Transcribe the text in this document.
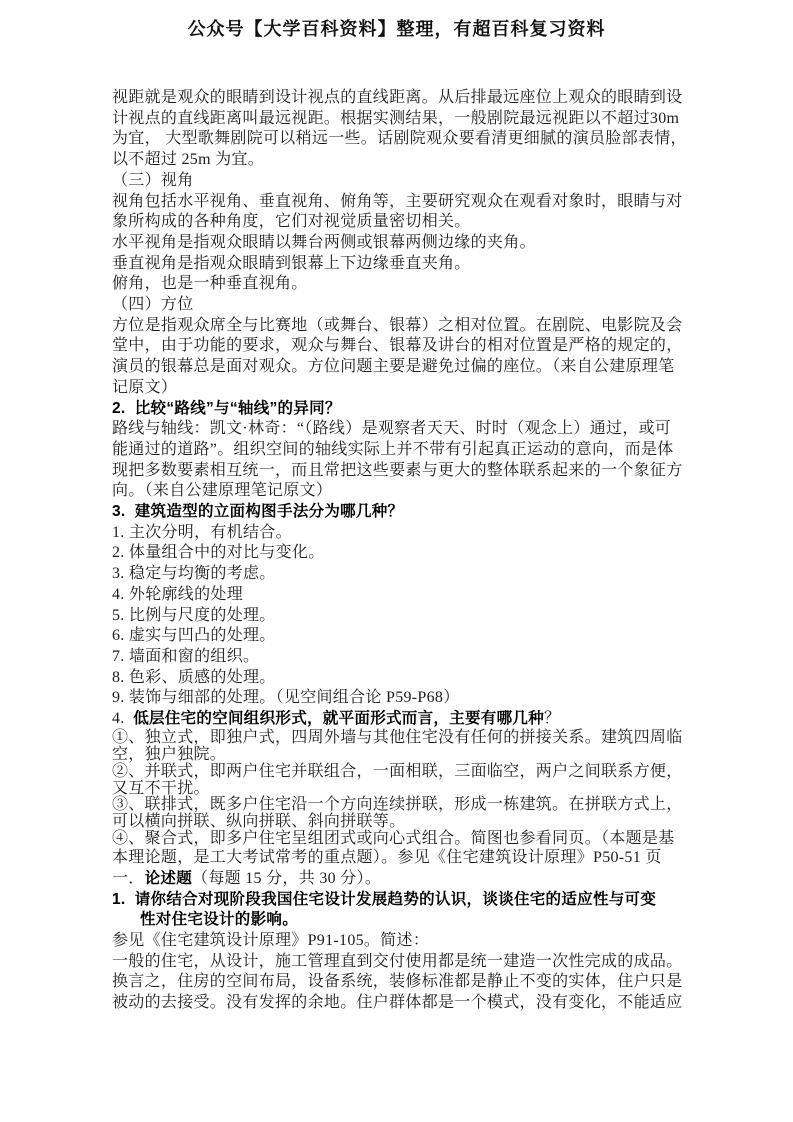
公众号【大学百科资料】整理，有超百科复习资料
视距就是观众的眼睛到设计视点的直线距离。从后排最远座位上观众的眼睛到设
计视点的直线距离叫最远视距。根据实测结果，一般剧院最远视距以不超过30m
为宜， 大型歌舞剧院可以稍远一些。话剧院观众要看清更细腻的演员脸部表情，
以不超过 25m 为宜。
（三）视角
视角包括水平视角、垂直视角、俯角等，主要研究观众在观看对象时，眼睛与对
象所构成的各种角度，它们对视觉质量密切相关。
水平视角是指观众眼睛以舞台两侧或银幕两侧边缘的夹角。
垂直视角是指观众眼睛到银幕上下边缘垂直夹角。
俯角，也是一种垂直视角。
（四）方位
方位是指观众席全与比赛地（或舞台、银幕）之相对位置。在剧院、电影院及会
堂中，由于功能的要求，观众与舞台、银幕及讲台的相对位置是严格的规定的，
演员的银幕总是面对观众。方位问题主要是避免过偏的座位。（来自公建原理笔
记原文）
2.  比较“路线”与“轴线”的异同？
路线与轴线：凯文·林奇：“（路线）是观察者天天、时时（观念上）通过，或可
能通过的道路”。组织空间的轴线实际上并不带有引起真正运动的意向，而是体
现把多数要素相互统一，而且常把这些要素与更大的整体联系起来的一个象征方
向。（来自公建原理笔记原文）
3.  建筑造型的立面构图手法分为哪几种？
1. 主次分明，有机结合。
2. 体量组合中的对比与变化。
3. 稳定与均衡的考虑。
4. 外轮廓线的处理
5. 比例与尺度的处理。
6. 虚实与凹凸的处理。
7. 墙面和窗的组织。
8. 色彩、质感的处理。
9. 装饰与细部的处理。（见空间组合论 P59-P68）
4.  低层住宅的空间组织形式，就平面形式而言，主要有哪几种？
①、独立式，即独户式，四周外墙与其他住宅没有任何的拼接关系。建筑四周临
空，独户独院。
②、并联式，即两户住宅并联组合，一面相联，三面临空，两户之间联系方便，
又互不干扰。
③、联排式，既多户住宅沿一个方向连续拼联，形成一栋建筑。在拼联方式上，
可以横向拼联、纵向拼联、斜向拼联等。
④、聚合式，即多户住宅呈组团式或向心式组合。简图也参看同页。（本题是基
本理论题，是工大考试常考的重点题）。参见《住宅建筑设计原理》P50-51 页
一．论述题（每题 15 分，共 30 分）。
1.  请你结合对现阶段我国住宅设计发展趋势的认识，谈谈住宅的适应性与可变
性对住宅设计的影响。
参见《住宅建筑设计原理》P91-105。简述：
一般的住宅，从设计，施工管理直到交付使用都是统一建造一次性完成的成品。
换言之，住房的空间布局，设备系统，装修标准都是静止不变的实体，住户只是
被动的去接受。没有发挥的余地。住户群体都是一个模式，没有变化，不能适应
